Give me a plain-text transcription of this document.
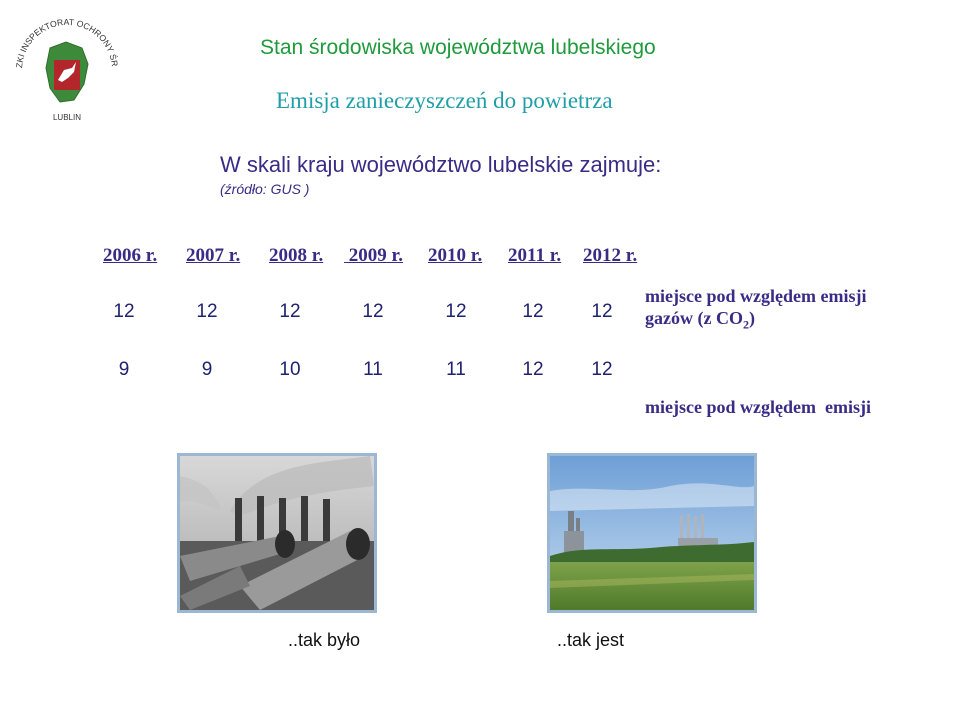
ZKI INSPEKTORAT OCHRONY ŚR
LUBLIN
Stan środowiska województwa lubelskiego
Emisja zanieczyszczeń do powietrza
W skali kraju województwo lubelskie zajmuje:
(źródło: GUS )
2006 r. 2007 r. 2008 r. 2009 r. 2010 r. 2011 r. 2012 r.
12	12	12	12	12	12	12
miejsce pod względem emisji
gazów (z $CO_2$)
9	9	10	11	11	12	12

miejsce pod względem  emisji

..tak było	..tak jest
